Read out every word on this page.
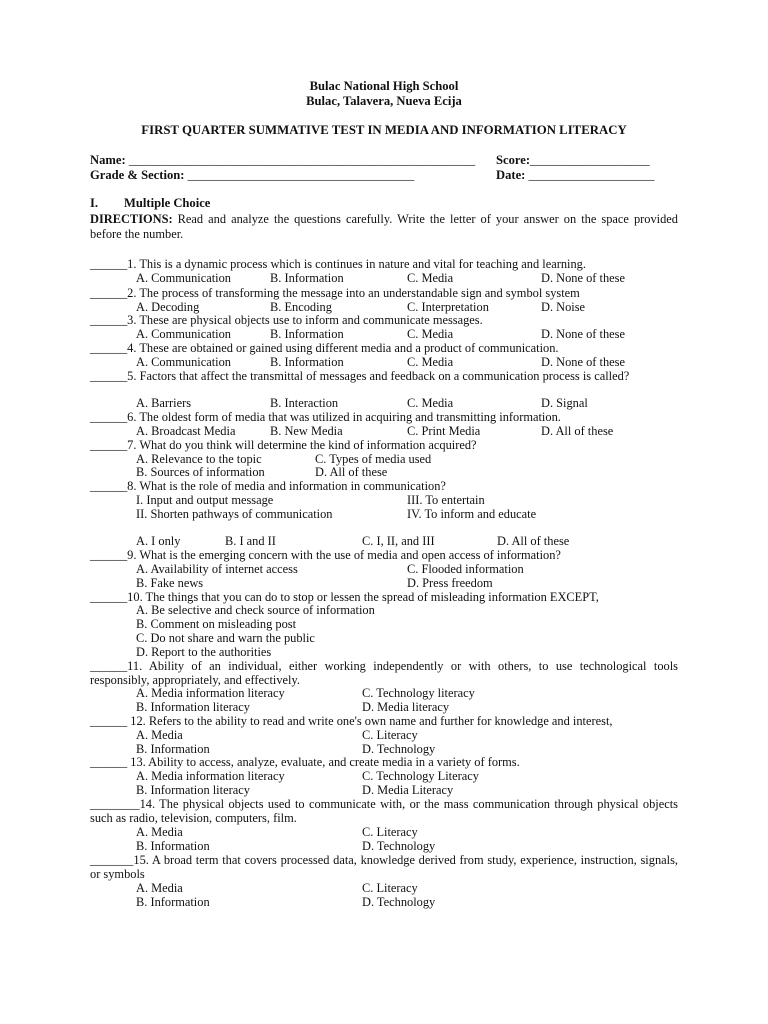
Bulac National High School
Bulac, Talavera, Nueva Ecija
FIRST QUARTER SUMMATIVE TEST IN MEDIA AND INFORMATION LITERACY
Name: _______________________________________________________ Score:___________________
Grade & Section: ____________________________________	Date: ____________________
I. Multiple Choice
DIRECTIONS: Read and analyze the questions carefully. Write the letter of your answer on the space provided before the number.
______1. This is a dynamic process which is continues in nature and vital for teaching and learning.
A. Communication	B. Information	C. Media	D. None of these
______2. The process of transforming the message into an understandable sign and symbol system
A. Decoding	B. Encoding	C. Interpretation	D. Noise
______3. These are physical objects use to inform and communicate messages.
A. Communication	B. Information	C. Media	D. None of these
______4. These are obtained or gained using different media and a product of communication.
A. Communication	B. Information	C. Media	D. None of these
______5. Factors that affect the transmittal of messages and feedback on a communication process is called?
A. Barriers	B. Interaction	C. Media	D. Signal
______6. The oldest form of media that was utilized in acquiring and transmitting information.
A. Broadcast Media	B. New Media	C. Print Media	D. All of these
______7. What do you think will determine the kind of information acquired?
A. Relevance to the topic	C. Types of media used
B. Sources of information	D. All of these
______8. What is the role of media and information in communication?
I. Input and output message	III. To entertain
II. Shorten pathways of communication	IV. To inform and educate
A. I only	B. I and II	C. I, II, and III	D. All of these
______9. What is the emerging concern with the use of media and open access of information?
A. Availability of internet access	C. Flooded information
B. Fake news	D. Press freedom
______10. The things that you can do to stop or lessen the spread of misleading information EXCEPT,
A. Be selective and check source of information
B. Comment on misleading post
C. Do not share and warn the public
D. Report to the authorities
______11. Ability of an individual, either working independently or with others, to use technological tools responsibly, appropriately, and effectively.
A. Media information literacy	C. Technology literacy
B. Information literacy	D. Media literacy
______ 12. Refers to the ability to read and write one's own name and further for knowledge and interest,
A. Media	C. Literacy
B. Information	D. Technology
______ 13. Ability to access, analyze, evaluate, and create media in a variety of forms.
A. Media information literacy	C. Technology Literacy
B. Information literacy	D. Media Literacy
________14. The physical objects used to communicate with, or the mass communication through physical objects such as radio, television, computers, film.
A. Media	C. Literacy
B. Information	D. Technology
_______15. A broad term that covers processed data, knowledge derived from study, experience, instruction, signals, or symbols
A. Media	C. Literacy
B. Information	D. Technology
